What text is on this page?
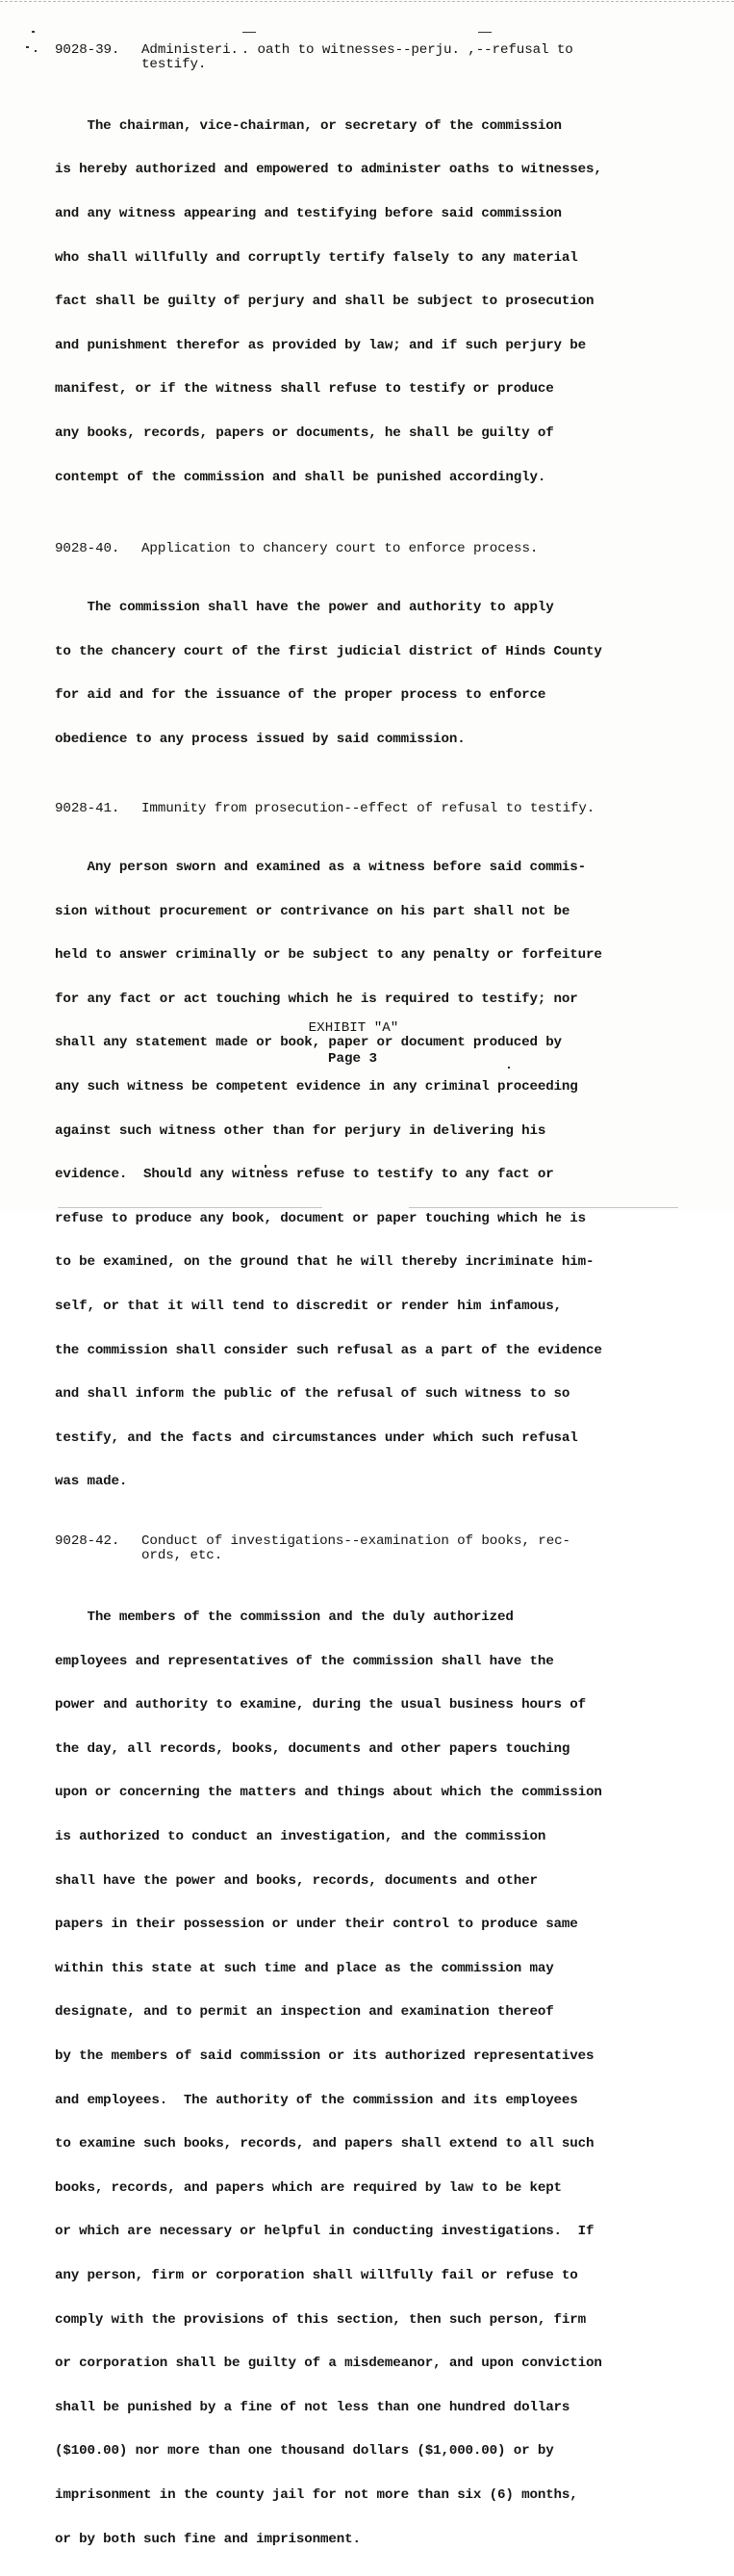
9028-39.	Administeri. . oath to witnesses--perju. ,--refusal to
testify.

The chairman, vice-chairman, or secretary of the commission

is hereby authorized and empowered to administer oaths to witnesses,

and any witness appearing and testifying before said commission

who shall willfully and corruptly tertify falsely to any material

fact shall be guilty of perjury and shall be subject to prosecution

and punishment therefor as provided by law; and if such perjury be

manifest, or if the witness shall refuse to testify or produce

any books, records, papers or documents, he shall be guilty of

contempt of the commission and shall be punished accordingly.

9028-40.	Application to chancery court to enforce process.

The commission shall have the power and authority to apply

to the chancery court of the first judicial district of Hinds County

for aid and for the issuance of the proper process to enforce

obedience to any process issued by said commission.

9028-41.	Immunity from prosecution--effect of refusal to testify.

Any person sworn and examined as a witness before said commis-

sion without procurement or contrivance on his part shall not be

held to answer criminally or be subject to any penalty or forfeiture

for any fact or act touching which he is required to testify; nor

shall any statement made or book, paper or document produced by

any such witness be competent evidence in any criminal proceeding

against such witness other than for perjury in delivering his

evidence.  Should any witness refuse to testify to any fact or

refuse to produce any book, document or paper touching which he is

to be examined, on the ground that he will thereby incriminate him-

self, or that it will tend to discredit or render him infamous,

the commission shall consider such refusal as a part of the evidence

and shall inform the public of the refusal of such witness to so

testify, and the facts and circumstances under which such refusal

was made.

9028-42.	Conduct of investigations--examination of books, rec-
ords, etc.

The members of the commission and the duly authorized

employees and representatives of the commission shall have the

power and authority to examine, during the usual business hours of

the day, all records, books, documents and other papers touching

upon or concerning the matters and things about which the commission

is authorized to conduct an investigation, and the commission

shall have the power and books, records, documents and other

papers in their possession or under their control to produce same

within this state at such time and place as the commission may

designate, and to permit an inspection and examination thereof

by the members of said commission or its authorized representatives

and employees.  The authority of the commission and its employees

to examine such books, records, and papers shall extend to all such

books, records, and papers which are required by law to be kept

or which are necessary or helpful in conducting investigations.  If

any person, firm or corporation shall willfully fail or refuse to

comply with the provisions of this section, then such person, firm

or corporation shall be guilty of a misdemeanor, and upon conviction

shall be punished by a fine of not less than one hundred dollars

($100.00) nor more than one thousand dollars ($1,000.00) or by

imprisonment in the county jail for not more than six (6) months,

or by both such fine and imprisonment.

EXHIBIT "A"
Page 3
